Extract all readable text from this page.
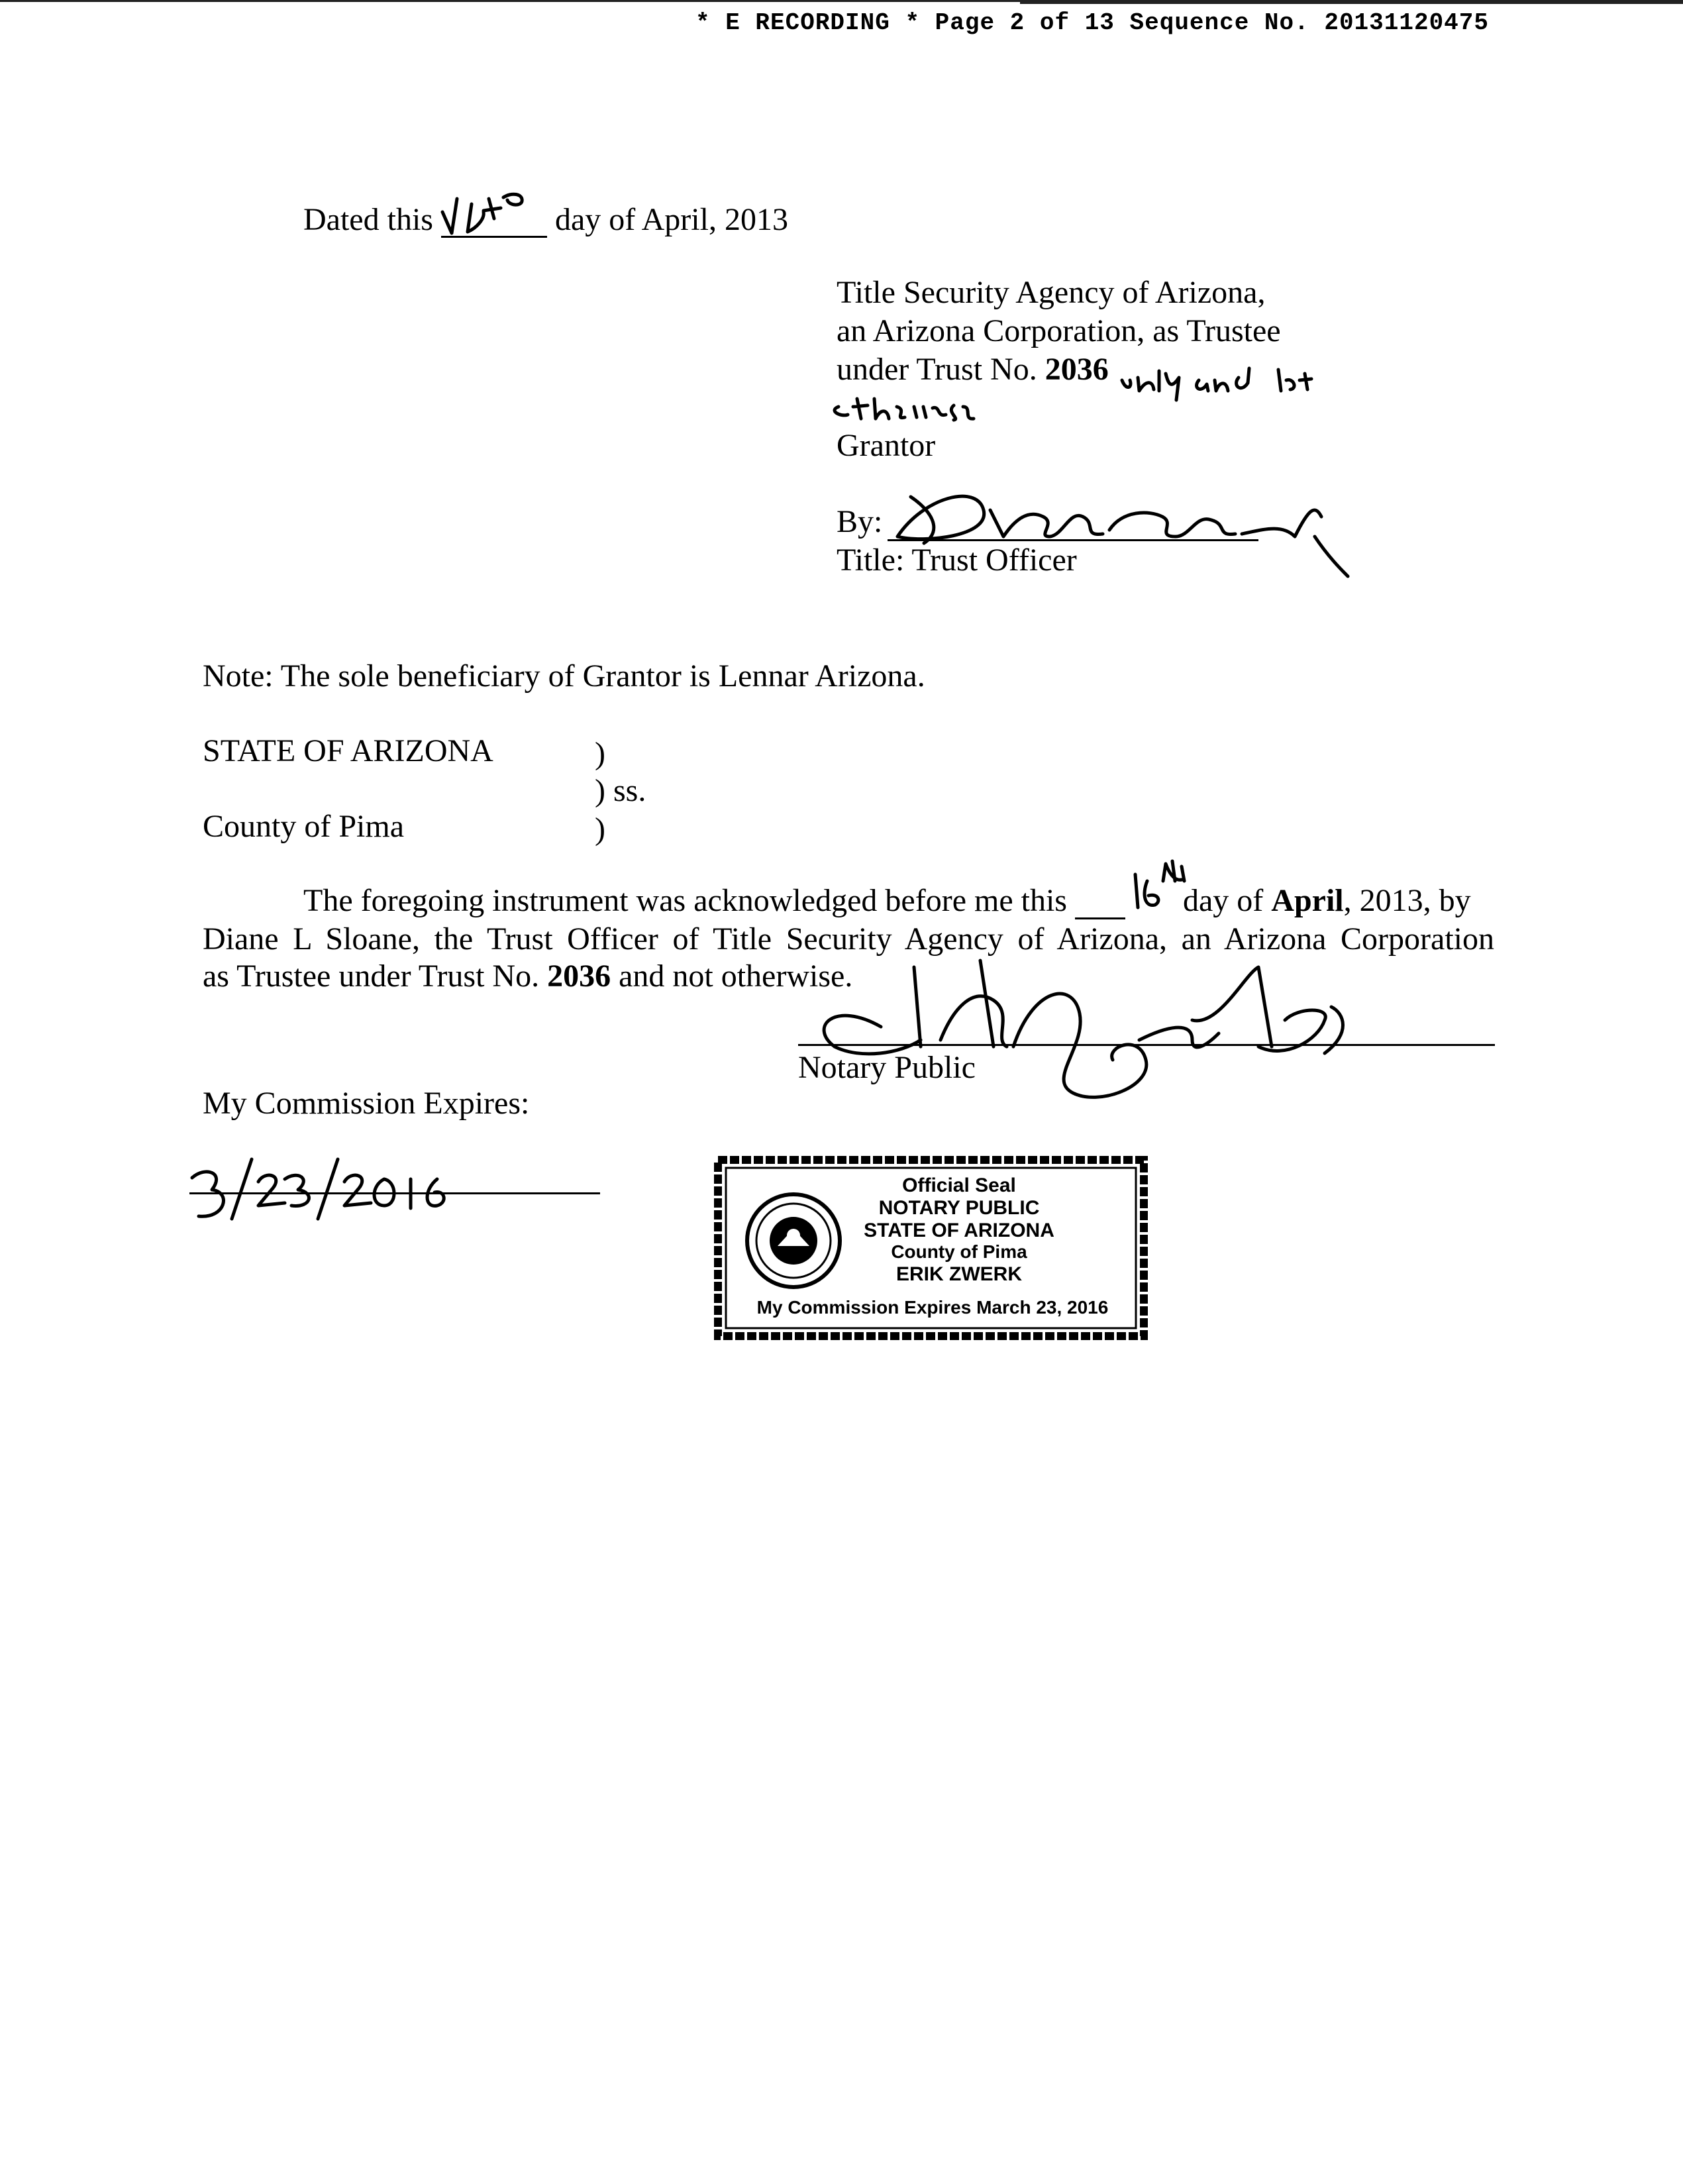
* E RECORDING * Page 2 of 13 Sequence No. 20131120475
Dated this	day of April, 2013
Title Security Agency of Arizona,
an Arizona Corporation, as Trustee
under Trust No. 2036
Grantor
By:
Title: Trust Officer
Note: The sole beneficiary of Grantor is Lennar Arizona.
STATE OF ARIZONA	)
) ss.
County of Pima	)
The foregoing instrument was acknowledged before me this	day of April, 2013, by
Diane L Sloane, the Trust Officer of Title Security Agency of Arizona, an Arizona Corporation
as Trustee under Trust No. 2036 and not otherwise.
Notary Public
My Commission Expires:
Official Seal
NOTARY PUBLIC
STATE OF ARIZONA
County of Pima
ERIK ZWERK
My Commission Expires March 23, 2016
